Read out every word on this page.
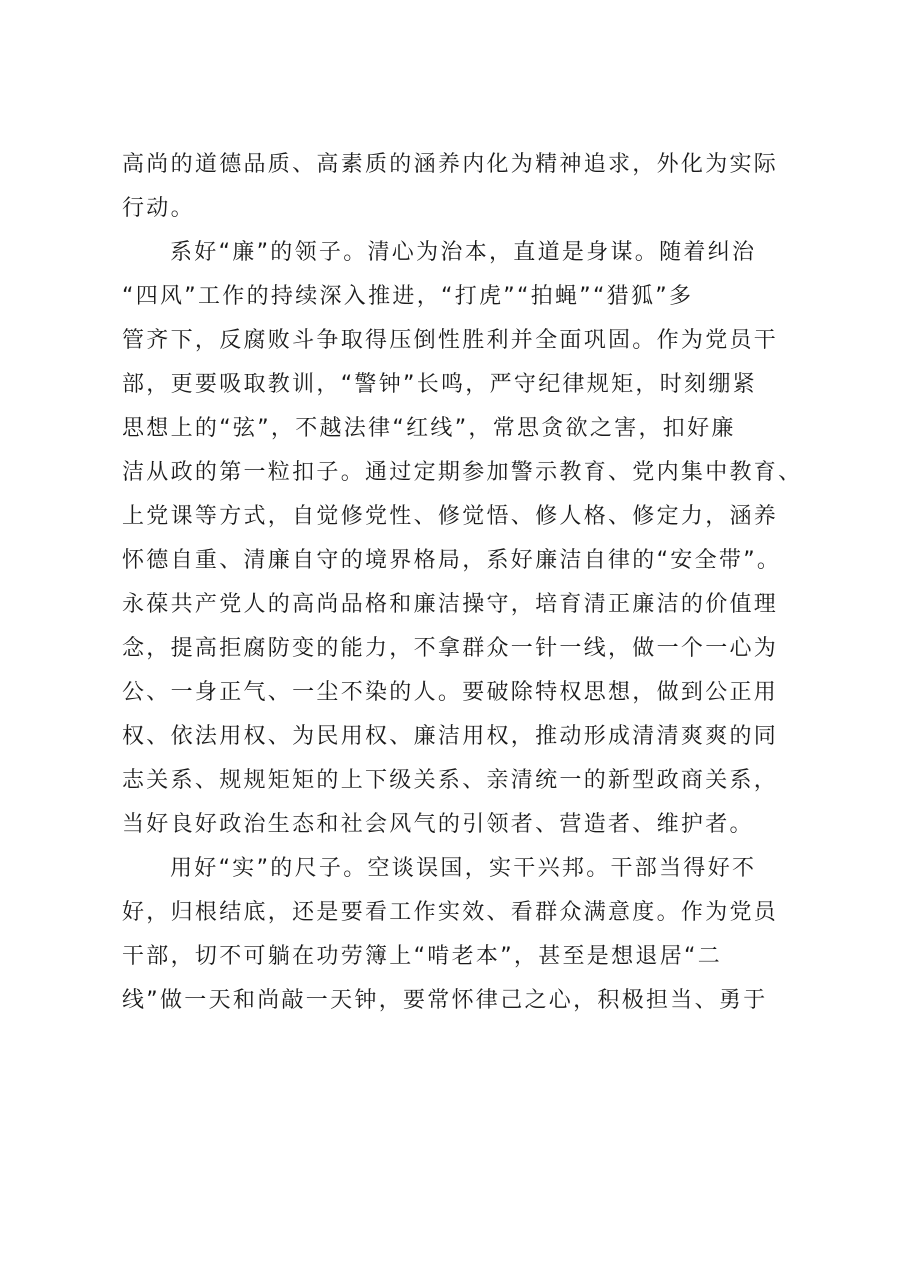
高尚的道德品质、高素质的涵养内化为精神追求，外化为实际
行动。
系好“廉”的领子。清心为治本，直道是身谋。随着纠治
“四风”工作的持续深入推进，“打虎”“拍蝇”“猎狐”多
管齐下，反腐败斗争取得压倒性胜利并全面巩固。作为党员干
部，更要吸取教训，“警钟”长鸣，严守纪律规矩，时刻绷紧
思想上的“弦”，不越法律“红线”，常思贪欲之害，扣好廉
洁从政的第一粒扣子。通过定期参加警示教育、党内集中教育、
上党课等方式，自觉修党性、修觉悟、修人格、修定力，涵养
怀德自重、清廉自守的境界格局，系好廉洁自律的“安全带”。
永葆共产党人的高尚品格和廉洁操守，培育清正廉洁的价值理
念，提高拒腐防变的能力，不拿群众一针一线，做一个一心为
公、一身正气、一尘不染的人。要破除特权思想，做到公正用
权、依法用权、为民用权、廉洁用权，推动形成清清爽爽的同
志关系、规规矩矩的上下级关系、亲清统一的新型政商关系，
当好良好政治生态和社会风气的引领者、营造者、维护者。
用好“实”的尺子。空谈误国，实干兴邦。干部当得好不
好，归根结底，还是要看工作实效、看群众满意度。作为党员
干部，切不可躺在功劳簿上“啃老本”，甚至是想退居“二
线”做一天和尚敲一天钟，要常怀律己之心，积极担当、勇于
